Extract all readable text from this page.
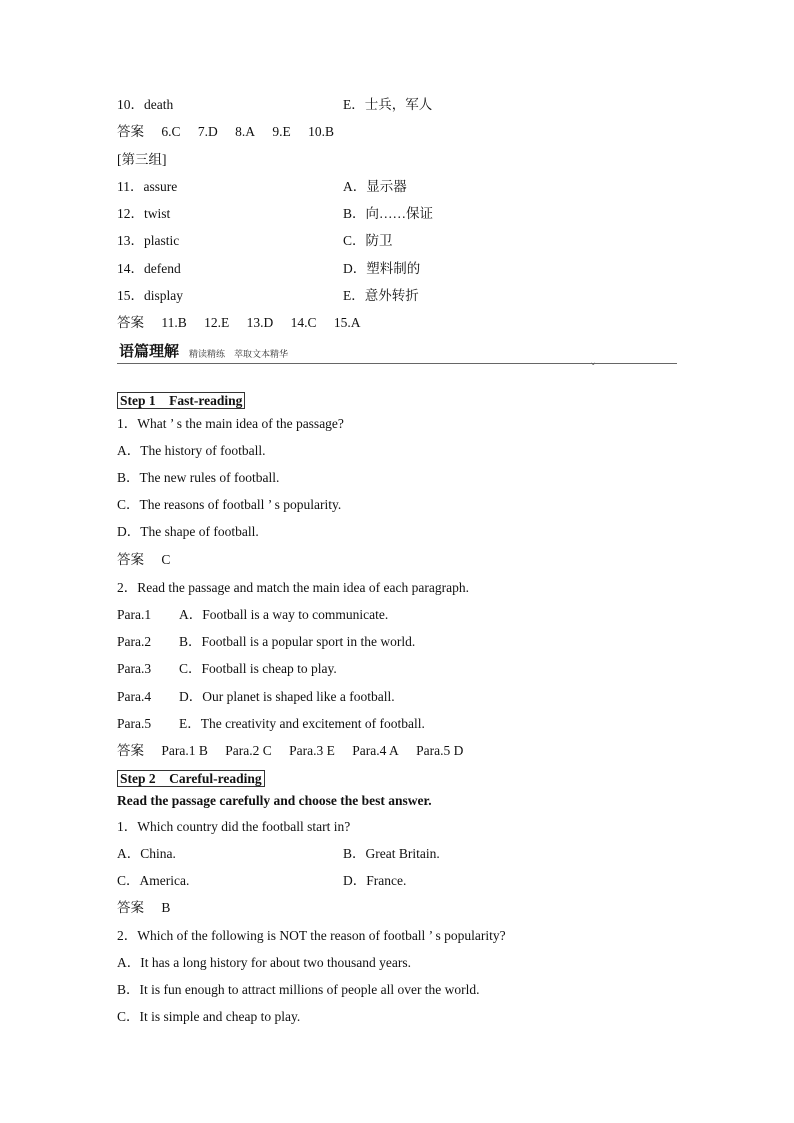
10．death	E．士兵，军人
答案 6.C 7.D 8.A 9.E 10.B
[第三组]
11．assure	A．显示器
12．twist	B．向……保证
13．plastic	C．防卫
14．defend	D．塑料制的
15．display	E．意外转折
答案 11.B 12.E 13.D 14.C 15.A
语篇理解 精读精练　萃取文本精华
⌄
Step 1　Fast-reading
1．What ’ s the main idea of the passage?
A．The history of football.
B．The new rules of football.
C．The reasons of football ’ s popularity.
D．The shape of football.
答案 C
2．Read the passage and match the main idea of each paragraph.
Para.1 A．Football is a way to communicate.
Para.2 B．Football is a popular sport in the world.
Para.3 C．Football is cheap to play.
Para.4 D．Our planet is shaped like a football.
Para.5 E．The creativity and excitement of football.
答案 Para.1 B Para.2 C Para.3 E Para.4 A Para.5 D
Step 2　Careful-reading
Read the passage carefully and choose the best answer.
1．Which country did the football start in?
A．China.	B．Great Britain.
C．America.	D．France.
答案 B
2．Which of the following is NOT the reason of football ’ s popularity?
A．It has a long history for about two thousand years.
B．It is fun enough to attract millions of people all over the world.
C．It is simple and cheap to play.
